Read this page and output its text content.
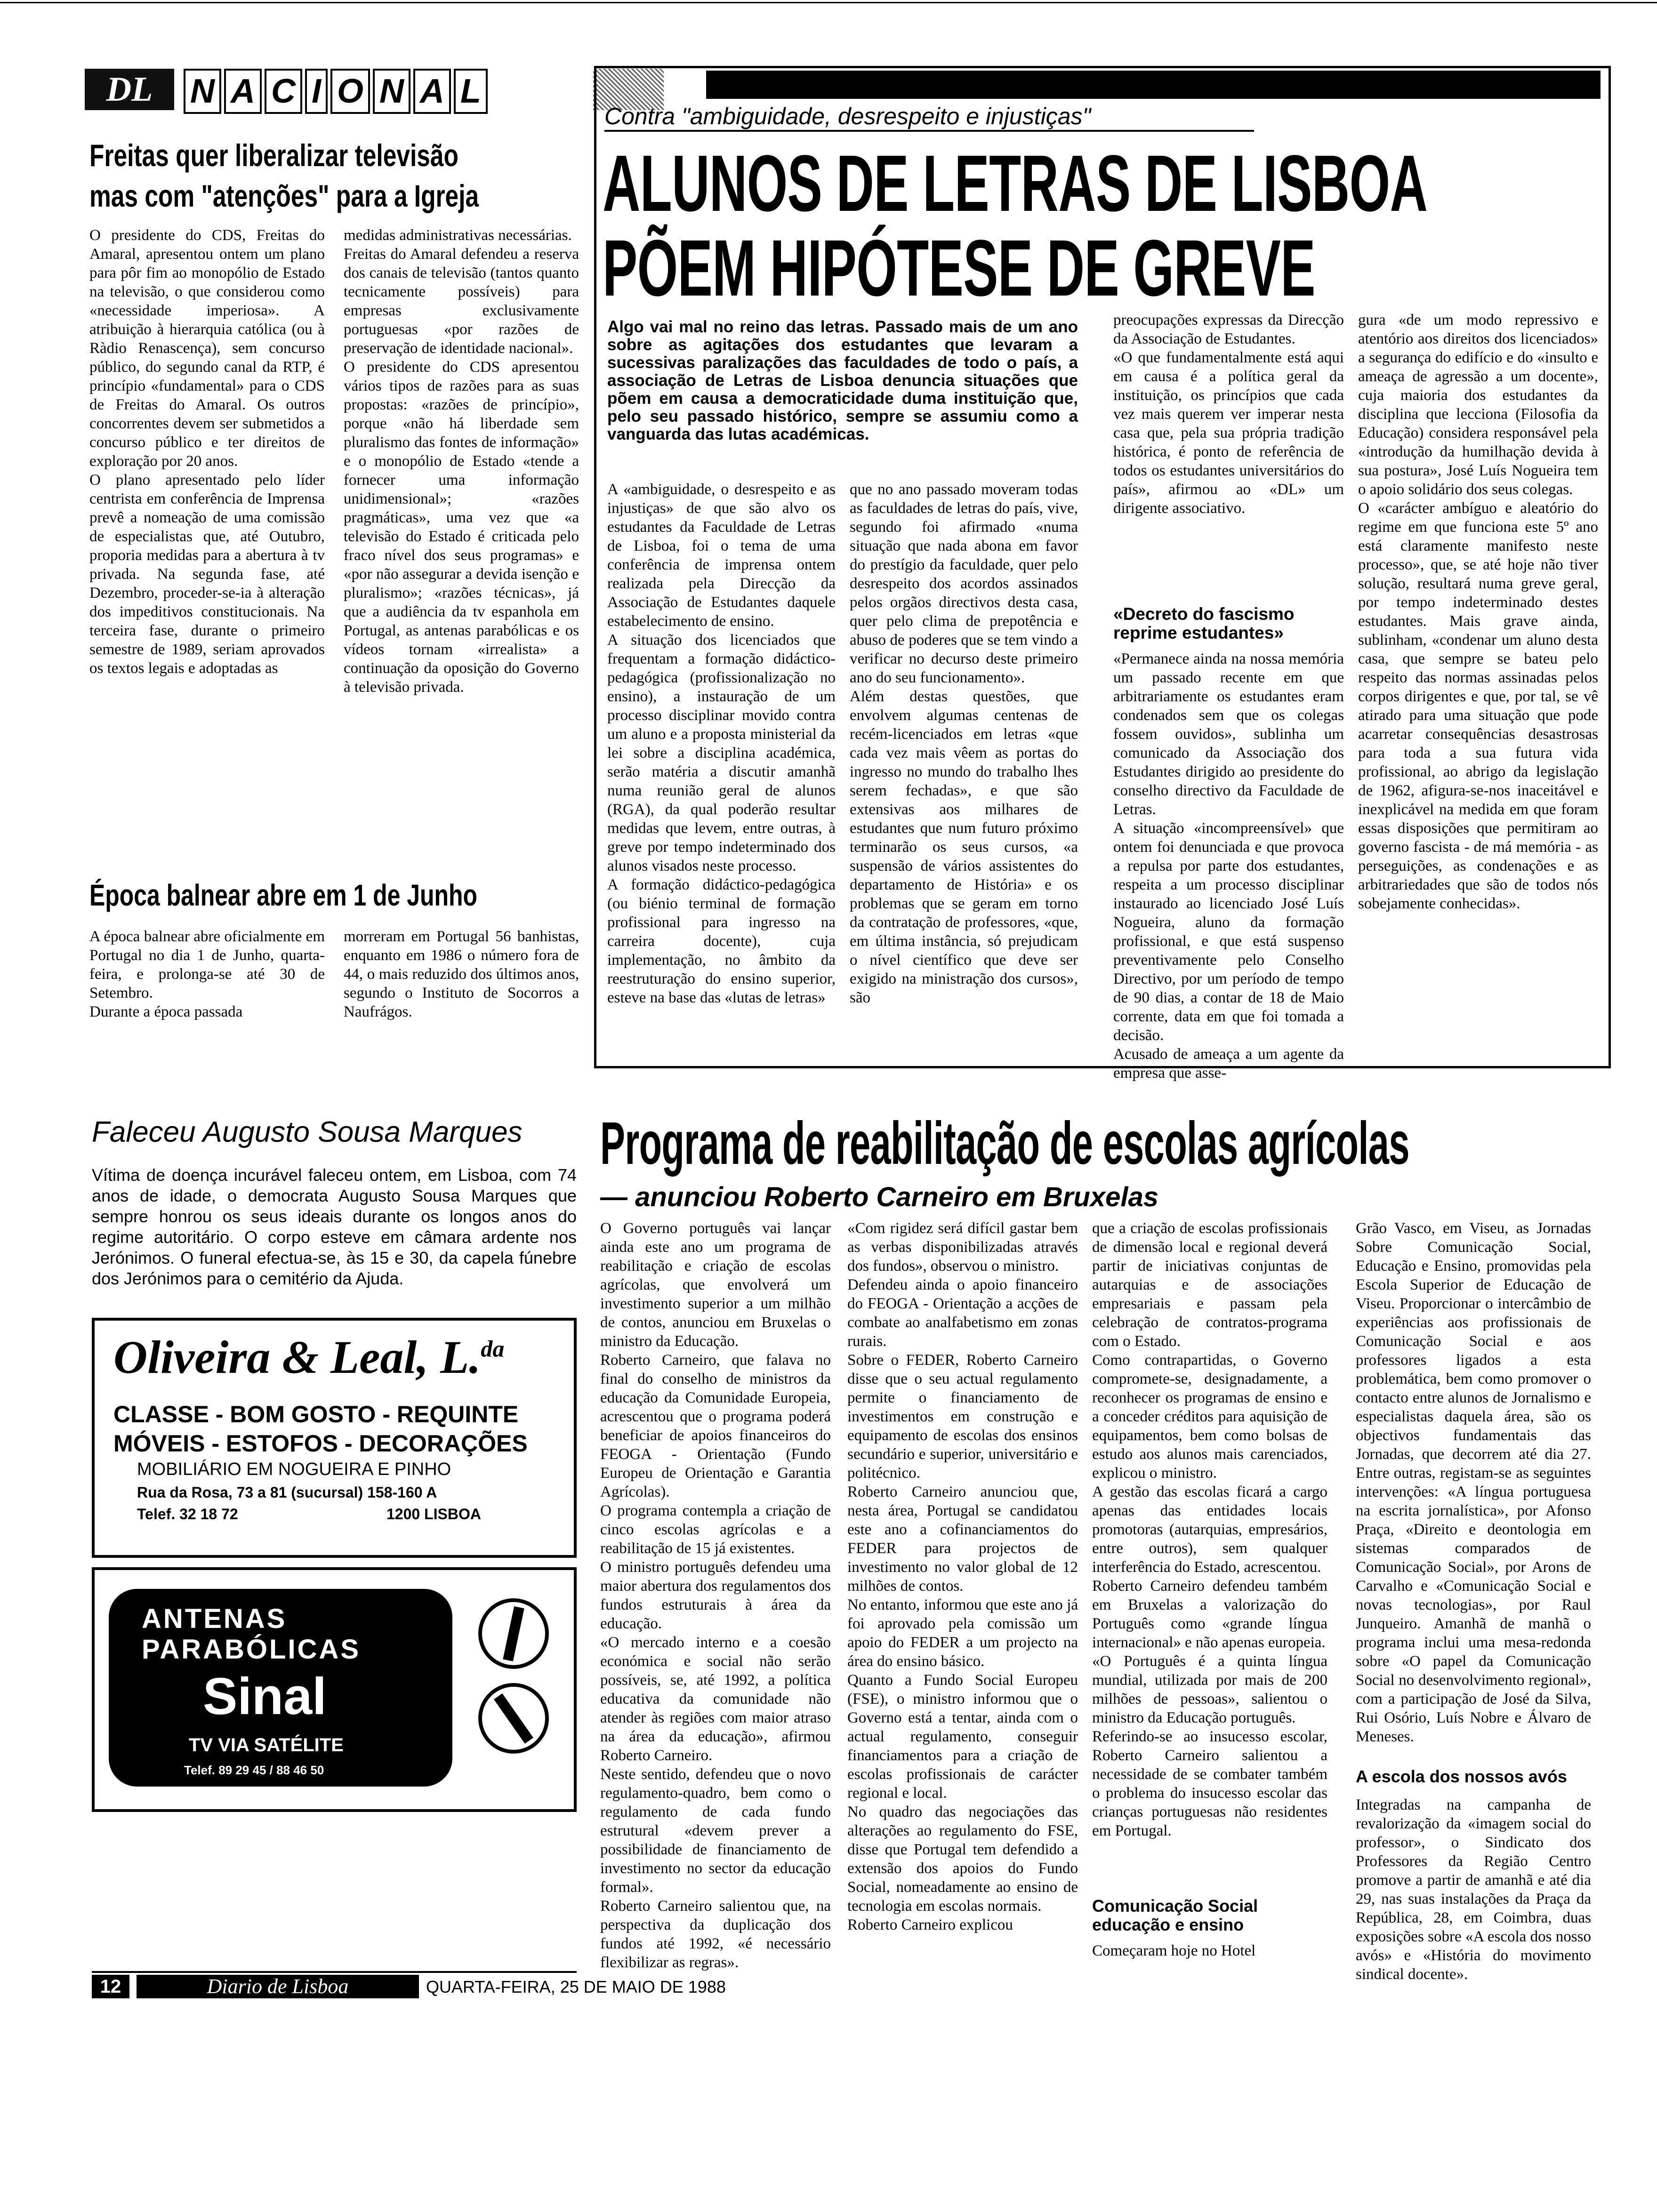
DL	N A C I O N A L
Freitas quer liberalizar televisão
mas com "atenções" para a Igreja
O presidente do CDS, Freitas do Amaral, apresentou ontem um plano para pôr fim ao monopólio de Estado na televisão, o que considerou como «necessidade imperiosa». A atribuição à hierarquia católica (ou à Ràdio Renascença), sem concurso público, do segundo canal da RTP, é princípio «fundamental» para o CDS de Freitas do Amaral. Os outros concorrentes devem ser submetidos a concurso público e ter direitos de exploração por 20 anos.
O plano apresentado pelo líder centrista em conferência de Imprensa prevê a nomeação de uma comissão de especialistas que, até Outubro, proporia medidas para a abertura à tv privada. Na segunda fase, até Dezembro, proceder-se-ia à alteração dos impeditivos constitucionais. Na terceira fase, durante o primeiro semestre de 1989, seriam aprovados os textos legais e adoptadas as
medidas administrativas necessárias.
Freitas do Amaral defendeu a reserva dos canais de televisão (tantos quanto tecnicamente possíveis) para empresas exclusivamente portuguesas «por razões de preservação de identidade nacional».
O presidente do CDS apresentou vários tipos de razões para as suas propostas: «razões de princípio», porque «não há liberdade sem pluralismo das fontes de informação» e o monopólio de Estado «tende a fornecer uma informação unidimensional»; «razões pragmáticas», uma vez que «a televisão do Estado é criticada pelo fraco nível dos seus programas» e «por não assegurar a devida isenção e pluralismo»; «razões técnicas», já que a audiência da tv espanhola em Portugal, as antenas parabólicas e os vídeos tornam «irrealista» a continuação da oposição do Governo à televisão privada.
Época balnear abre em 1 de Junho
A época balnear abre oficialmente em Portugal no dia 1 de Junho, quarta-feira, e prolonga-se até 30 de Setembro.
Durante a época passada
morreram em Portugal 56 banhistas, enquanto em 1986 o número fora de 44, o mais reduzido dos últimos anos, segundo o Instituto de Socorros a Naufrágos.
Contra "ambiguidade, desrespeito e injustiças"
ALUNOS DE LETRAS DE LISBOA
PÕEM HIPÓTESE DE GREVE
Algo vai mal no reino das letras. Passado mais de um ano sobre as agitações dos estudantes que levaram a sucessivas paralizações das faculdades de todo o país, a associação de Letras de Lisboa denuncia situações que põem em causa a democraticidade duma instituição que, pelo seu passado histórico, sempre se assumiu como a vanguarda das lutas académicas.
A «ambiguidade, o desrespeito e as injustiças» de que são alvo os estudantes da Faculdade de Letras de Lisboa, foi o tema de uma conferência de imprensa ontem realizada pela Direcção da Associação de Estudantes daquele estabelecimento de ensino.
A situação dos licenciados que frequentam a formação didáctico-pedagógica (profissionalização no ensino), a instauração de um processo disciplinar movido contra um aluno e a proposta ministerial da lei sobre a disciplina académica, serão matéria a discutir amanhã numa reunião geral de alunos (RGA), da qual poderão resultar medidas que levem, entre outras, à greve por tempo indeterminado dos alunos visados neste processo.
A formação didáctico-pedagógica (ou biénio terminal de formação profissional para ingresso na carreira docente), cuja implementação, no âmbito da reestruturação do ensino superior, esteve na base das «lutas de letras»
que no ano passado moveram todas as faculdades de letras do país, vive, segundo foi afirmado «numa situação que nada abona em favor do prestígio da faculdade, quer pelo desrespeito dos acordos assinados pelos orgãos directivos desta casa, quer pelo clima de prepotência e abuso de poderes que se tem vindo a verificar no decurso deste primeiro ano do seu funcionamento».
Além destas questões, que envolvem algumas centenas de recém-licenciados em letras «que cada vez mais vêem as portas do ingresso no mundo do trabalho lhes serem fechadas», e que são extensivas aos milhares de estudantes que num futuro próximo terminarão os seus cursos, «a suspensão de vários assistentes do departamento de História» e os problemas que se geram em torno da contratação de professores, «que, em última instância, só prejudicam o nível científico que deve ser exigido na ministração dos cursos», são
preocupações expressas da Direcção da Associação de Estudantes.
«O que fundamentalmente está aqui em causa é a política geral da instituição, os princípios que cada vez mais querem ver imperar nesta casa que, pela sua própria tradição histórica, é ponto de referência de todos os estudantes universitários do país», afirmou ao «DL» um dirigente associativo.
«Decreto do fascismo reprime estudantes»
«Permanece ainda na nossa memória um passado recente em que arbitrariamente os estudantes eram condenados sem que os colegas fossem ouvidos», sublinha um comunicado da Associação dos Estudantes dirigido ao presidente do conselho directivo da Faculdade de Letras.
A situação «incompreensível» que ontem foi denunciada e que provoca a repulsa por parte dos estudantes, respeita a um processo disciplinar instaurado ao licenciado José Luís Nogueira, aluno da formação profissional, e que está suspenso preventivamente pelo Conselho Directivo, por um período de tempo de 90 dias, a contar de 18 de Maio corrente, data em que foi tomada a decisão.
Acusado de ameaça a um agente da empresa que asse-
gura «de um modo repressivo e atentório aos direitos dos licenciados» a segurança do edifício e do «insulto e ameaça de agressão a um docente», cuja maioria dos estudantes da disciplina que lecciona (Filosofia da Educação) considera responsável pela «introdução da humilhação devida à sua postura», José Luís Nogueira tem o apoio solidário dos seus colegas.
O «carácter ambíguo e aleatório do regime em que funciona este 5º ano está claramente manifesto neste processo», que, se até hoje não tiver solução, resultará numa greve geral, por tempo indeterminado destes estudantes. Mais grave ainda, sublinham, «condenar um aluno desta casa, que sempre se bateu pelo respeito das normas assinadas pelos corpos dirigentes e que, por tal, se vê atirado para uma situação que pode acarretar consequências desastrosas para toda a sua futura vida profissional, ao abrigo da legislação de 1962, afigura-se-nos inaceitável e inexplicável na medida em que foram essas disposições que permitiram ao governo fascista - de má memória - as perseguições, as condenações e as arbitrariedades que são de todos nós sobejamente conhecidas».
Faleceu Augusto Sousa Marques
Vítima de doença incurável faleceu ontem, em Lisboa, com 74 anos de idade, o democrata Augusto Sousa Marques que sempre honrou os seus ideais durante os longos anos do regime autoritário. O corpo esteve em câmara ardente nos Jerónimos. O funeral efectua-se, às 15 e 30, da capela fúnebre dos Jerónimos para o cemitério da Ajuda.
Oliveira & Leal, L.$^{da}$
CLASSE - BOM GOSTO - REQUINTE
MÓVEIS - ESTOFOS - DECORAÇÕES
MOBILIÁRIO EM NOGUEIRA E PINHO
Rua da Rosa, 73 a 81 (sucursal) 158-160 A
Telef. 32 18 72	1200 LISBOA
ANTENAS
PARABÓLICAS
Sinal
TV VIA SATÉLITE
Telef. 89 29 45 / 88 46 50
Programa de reabilitação de escolas agrícolas
— anunciou Roberto Carneiro em Bruxelas
O Governo português vai lançar ainda este ano um programa de reabilitação e criação de escolas agrícolas, que envolverá um investimento superior a um milhão de contos, anunciou em Bruxelas o ministro da Educação.
Roberto Carneiro, que falava no final do conselho de ministros da educação da Comunidade Europeia, acrescentou que o programa poderá beneficiar de apoios financeiros do FEOGA - Orientação (Fundo Europeu de Orientação e Garantia Agrícolas).
O programa contempla a criação de cinco escolas agrícolas e a reabilitação de 15 já existentes.
O ministro português defendeu uma maior abertura dos regulamentos dos fundos estruturais à área da educação.
«O mercado interno e a coesão económica e social não serão possíveis, se, até 1992, a política educativa da comunidade não atender às regiões com maior atraso na área da educação», afirmou Roberto Carneiro.
Neste sentido, defendeu que o novo regulamento-quadro, bem como o regulamento de cada fundo estrutural «devem prever a possibilidade de financiamento de investimento no sector da educação formal».
Roberto Carneiro salientou que, na perspectiva da duplicação dos fundos até 1992, «é necessário flexibilizar as regras».
«Com rigidez será difícil gastar bem as verbas disponibilizadas através dos fundos», observou o ministro.
Defendeu ainda o apoio financeiro do FEOGA - Orientação a acções de combate ao analfabetismo em zonas rurais.
Sobre o FEDER, Roberto Carneiro disse que o seu actual regulamento permite o financiamento de investimentos em construção e equipamento de escolas dos ensinos secundário e superior, universitário e politécnico.
Roberto Carneiro anunciou que, nesta área, Portugal se candidatou este ano a cofinanciamentos do FEDER para projectos de investimento no valor global de 12 milhões de contos.
No entanto, informou que este ano já foi aprovado pela comissão um apoio do FEDER a um projecto na área do ensino básico.
Quanto a Fundo Social Europeu (FSE), o ministro informou que o Governo está a tentar, ainda com o actual regulamento, conseguir financiamentos para a criação de escolas profissionais de carácter regional e local.
No quadro das negociações das alterações ao regulamento do FSE, disse que Portugal tem defendido a extensão dos apoios do Fundo Social, nomeadamente ao ensino de tecnologia em escolas normais.
Roberto Carneiro explicou
que a criação de escolas profissionais de dimensão local e regional deverá partir de iniciativas conjuntas de autarquias e de associações empresariais e passam pela celebração de contratos-programa com o Estado.
Como contrapartidas, o Governo compromete-se, designadamente, a reconhecer os programas de ensino e a conceder créditos para aquisição de equipamentos, bem como bolsas de estudo aos alunos mais carenciados, explicou o ministro.
A gestão das escolas ficará a cargo apenas das entidades locais promotoras (autarquias, empresários, entre outros), sem qualquer interferência do Estado, acrescentou.
Roberto Carneiro defendeu também em Bruxelas a valorização do Português como «grande língua internacional» e não apenas europeia.
«O Português é a quinta língua mundial, utilizada por mais de 200 milhões de pessoas», salientou o ministro da Educação português.
Referindo-se ao insucesso escolar, Roberto Carneiro salientou a necessidade de se combater também o problema do insucesso escolar das crianças portuguesas não residentes em Portugal.
Comunicação Social educação e ensino
Começaram hoje no Hotel
Grão Vasco, em Viseu, as Jornadas Sobre Comunicação Social, Educação e Ensino, promovidas pela Escola Superior de Educação de Viseu. Proporcionar o intercâmbio de experiências aos profissionais de Comunicação Social e aos professores ligados a esta problemática, bem como promover o contacto entre alunos de Jornalismo e especialistas daquela área, são os objectivos fundamentais das Jornadas, que decorrem até dia 27. Entre outras, registam-se as seguintes intervenções: «A língua portuguesa na escrita jornalística», por Afonso Praça, «Direito e deontologia em sistemas comparados de Comunicação Social», por Arons de Carvalho e «Comunicação Social e novas tecnologias», por Raul Junqueiro. Amanhã de manhã o programa inclui uma mesa-redonda sobre «O papel da Comunicação Social no desenvolvimento regional», com a participação de José da Silva, Rui Osório, Luís Nobre e Álvaro de Meneses.
A escola dos nossos avós
Integradas na campanha de revalorização da «imagem social do professor», o Sindicato dos Professores da Região Centro promove a partir de amanhã e até dia 29, nas suas instalações da Praça da República, 28, em Coimbra, duas exposições sobre «A escola dos nosso avós» e «História do movimento sindical docente».
12	Diario de Lisboa	QUARTA-FEIRA, 25 DE MAIO DE 1988
